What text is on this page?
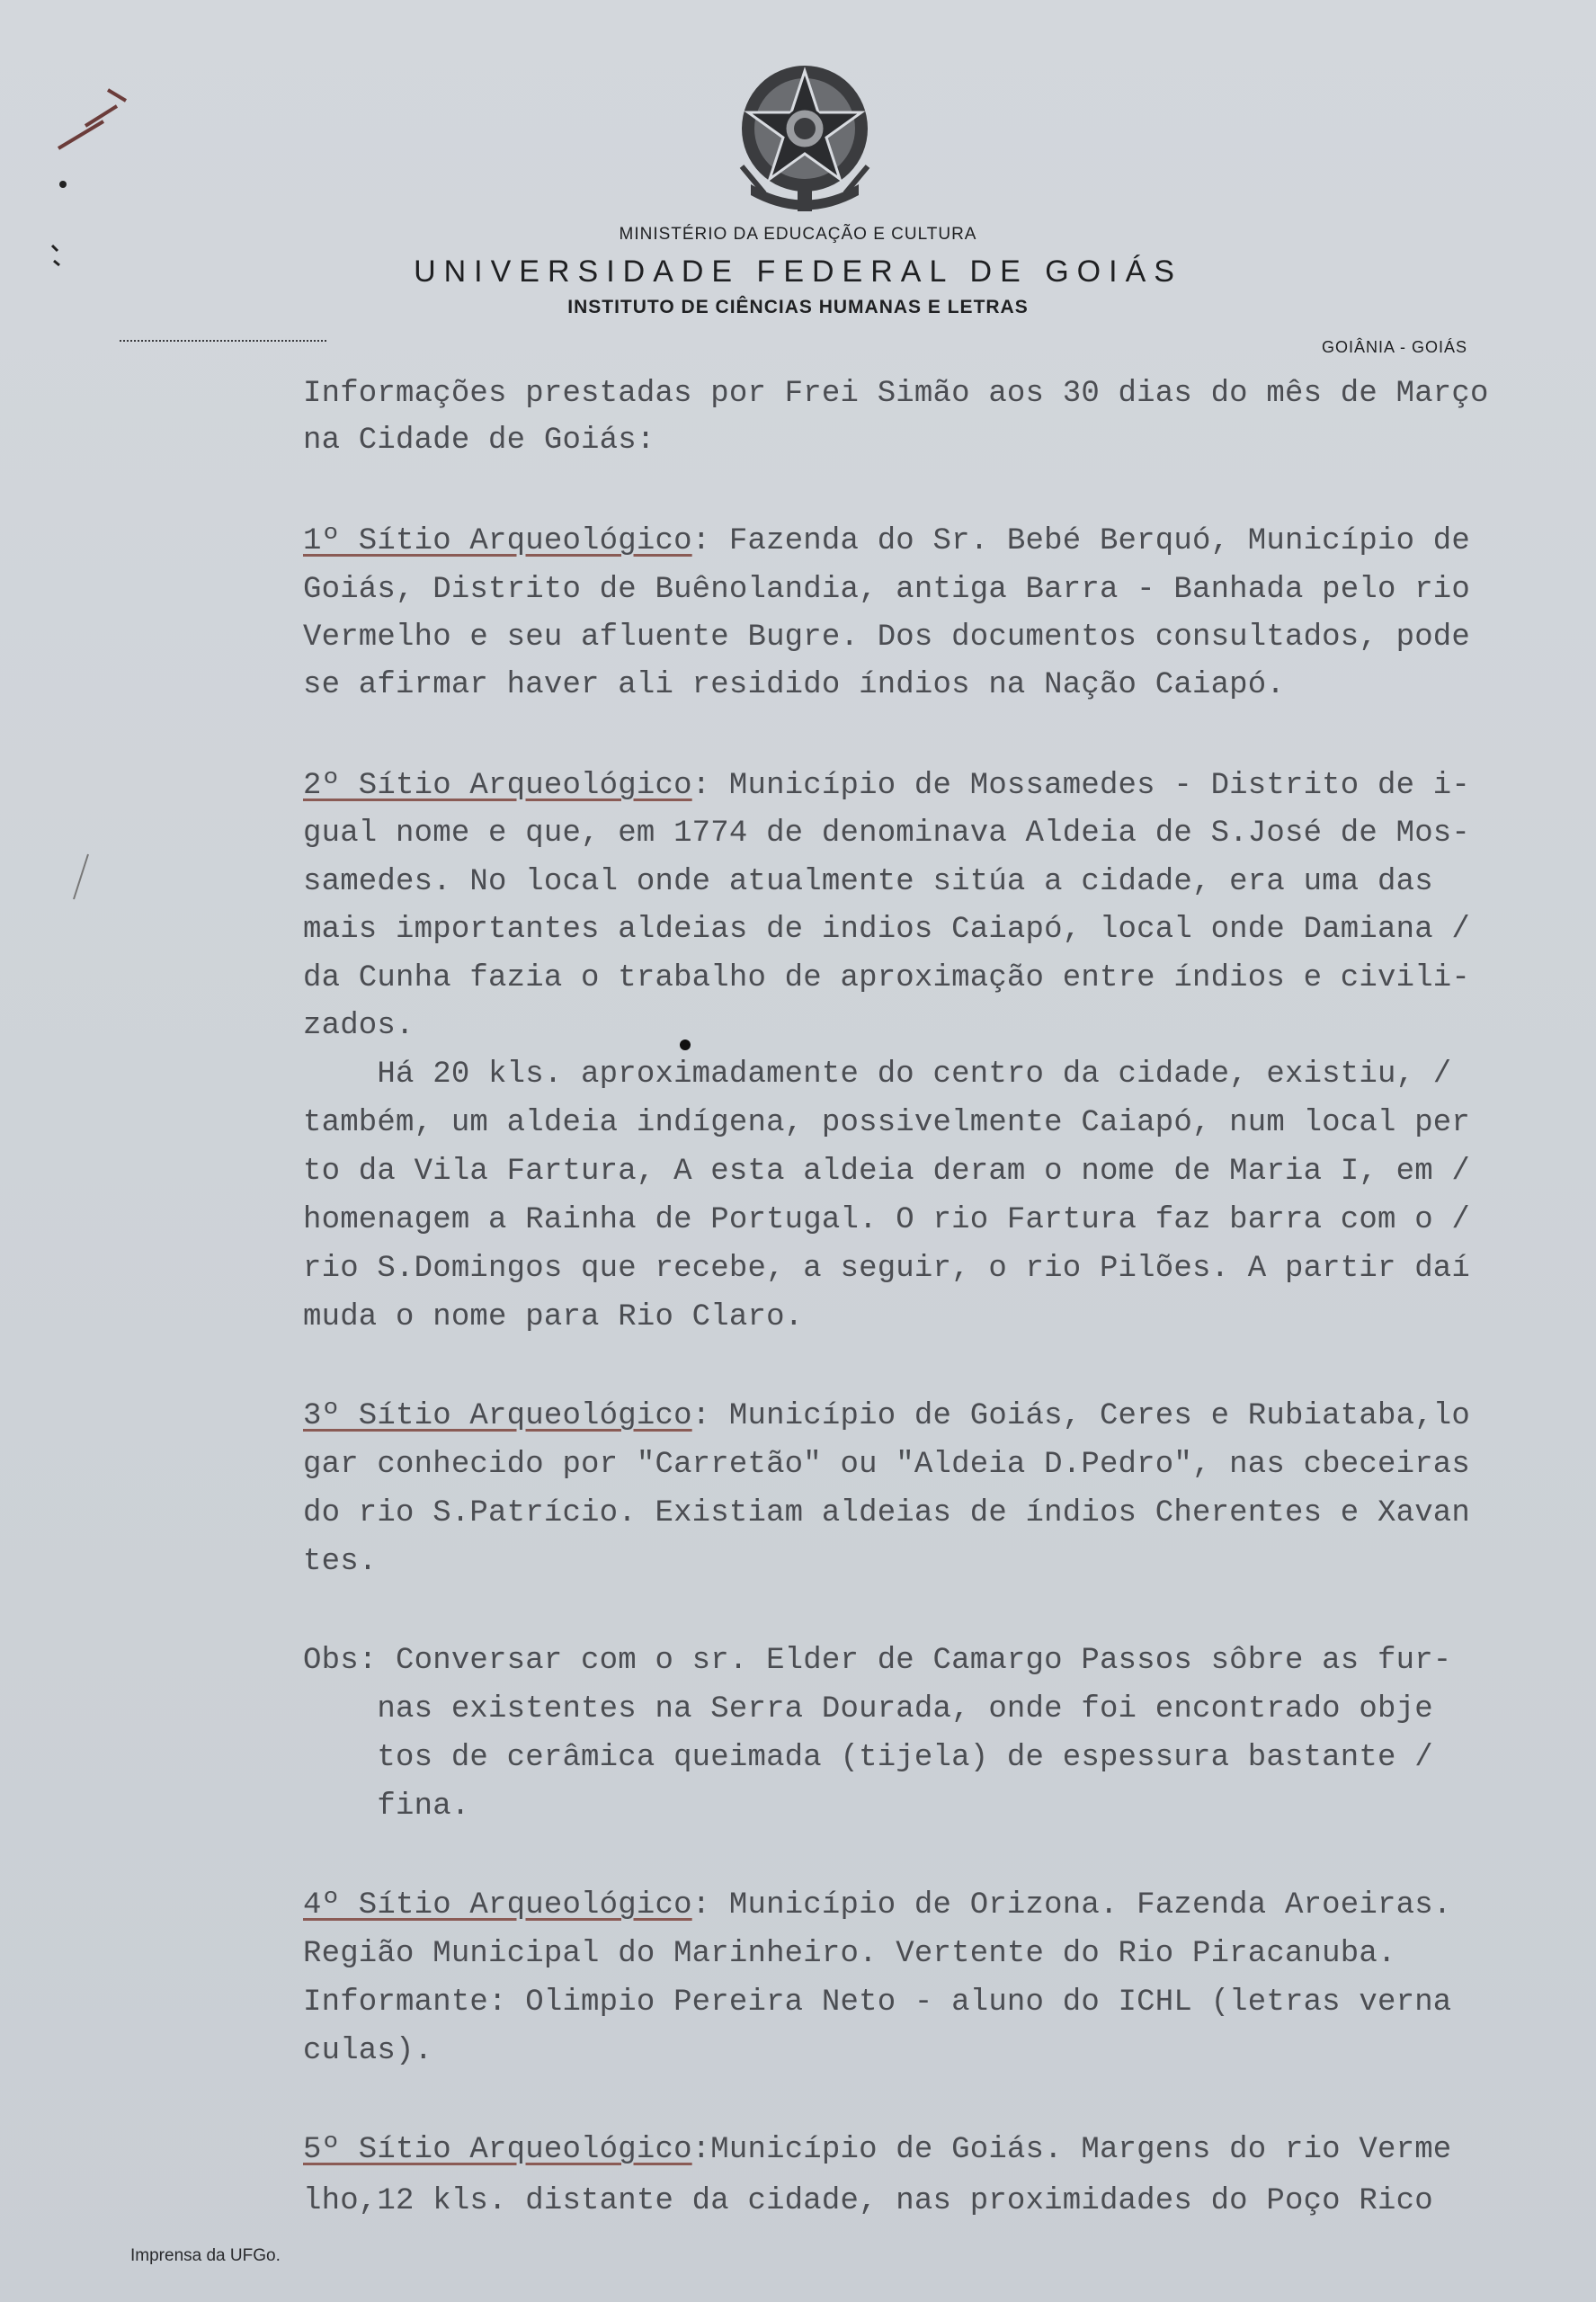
MINISTÉRIO DA EDUCAÇÃO E CULTURA
UNIVERSIDADE FEDERAL DE GOIÁS
INSTITUTO DE CIÊNCIAS HUMANAS E LETRAS
GOIÂNIA - GOIÁS
Informações prestadas por Frei Simão aos 30 dias do mês de Março
na Cidade de Goiás:
1º Sítio Arqueológico: Fazenda do Sr. Bebé Berquó, Município de
Goiás, Distrito de Buênolandia, antiga Barra - Banhada pelo rio
Vermelho e seu afluente Bugre. Dos documentos consultados, pode
se afirmar haver ali residido índios na Nação Caiapó.
2º Sítio Arqueológico: Município de Mossamedes - Distrito de i-
gual nome e que, em 1774 de denominava Aldeia de S.José de Mos-
samedes. No local onde atualmente sitúa a cidade, era uma das
mais importantes aldeias de indios Caiapó, local onde Damiana /
da Cunha fazia o trabalho de aproximação entre índios e civili-
zados.
Há 20 kls. aproximadamente do centro da cidade, existiu, /
também, um aldeia indígena, possivelmente Caiapó, num local per
to da Vila Fartura, A esta aldeia deram o nome de Maria I, em /
homenagem a Rainha de Portugal. O rio Fartura faz barra com o /
rio S.Domingos que recebe, a seguir, o rio Pilões. A partir daí
muda o nome para Rio Claro.
3º Sítio Arqueológico: Município de Goiás, Ceres e Rubiataba,lo
gar conhecido por "Carretão" ou "Aldeia D.Pedro", nas cbeceiras
do rio S.Patrício. Existiam aldeias de índios Cherentes e Xavan
tes.
Obs: Conversar com o sr. Elder de Camargo Passos sôbre as fur-
nas existentes na Serra Dourada, onde foi encontrado obje
tos de cerâmica queimada (tijela) de espessura bastante /
fina.
4º Sítio Arqueológico: Município de Orizona. Fazenda Aroeiras.
Região Municipal do Marinheiro. Vertente do Rio Piracanuba.
Informante: Olimpio Pereira Neto - aluno do ICHL (letras verna
culas).
5º Sítio Arqueológico:Município de Goiás. Margens do rio Verme
lho,12 kls. distante da cidade, nas proximidades do Poço Rico
Imprensa da UFGo.
